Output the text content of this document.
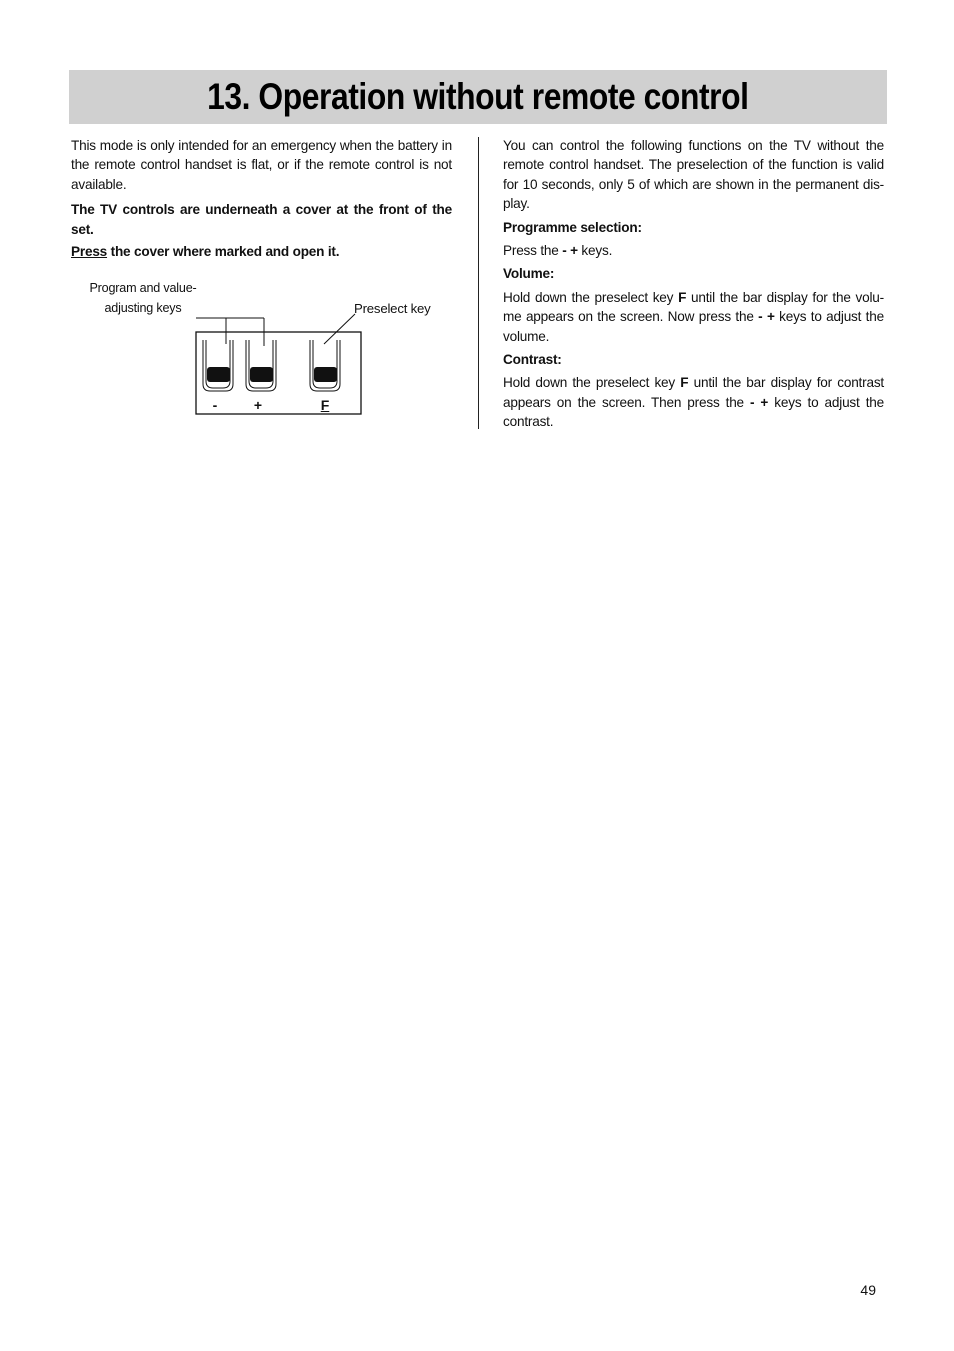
13. Operation without remote control

This mode is only intended for an emergency when the battery in the remote control handset is flat, or if the remote control is not available.

The TV controls are underneath a cover at the front of the set.

Press the cover where marked and open it.

Program and value-adjusting keys	Preselect key
-	+	F

You can control the following functions on the TV without the remote control handset. The preselection of the function is valid for 10 seconds, only 5 of which are shown in the permanent dis-play.

Programme selection:

Press the - + keys.

Volume:

Hold down the preselect key F until the bar display for the volu-me appears on the screen. Now press the - + keys to adjust the volume.

Contrast:

Hold down the preselect key F until the bar display for contrast appears on the screen. Then press the - + keys to adjust the contrast.

49
